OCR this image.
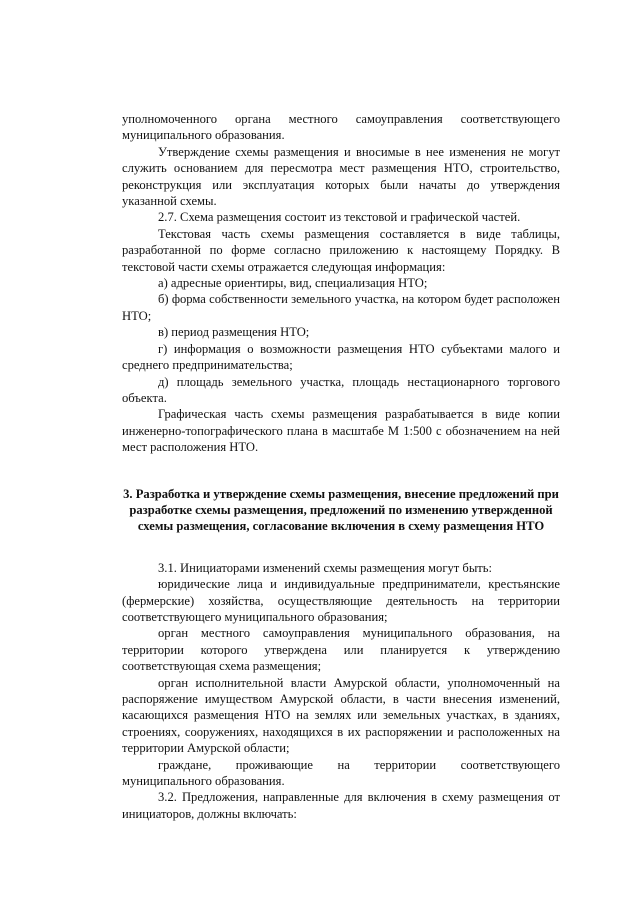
уполномоченного органа местного самоуправления соответствующего муниципального образования.

Утверждение схемы размещения и вносимые в нее изменения не могут служить основанием для пересмотра мест размещения НТО, строительство, реконструкция или эксплуатация которых были начаты до утверждения указанной схемы.

2.7. Схема размещения состоит из текстовой и графической частей.

Текстовая часть схемы размещения составляется в виде таблицы, разработанной по форме согласно приложению к настоящему Порядку. В текстовой части схемы отражается следующая информация:

а) адресные ориентиры, вид, специализация НТО;

б) форма собственности земельного участка, на котором будет расположен НТО;

в) период размещения НТО;

г) информация о возможности размещения НТО субъектами малого и среднего предпринимательства;

д) площадь земельного участка, площадь нестационарного торгового объекта.

Графическая часть схемы размещения разрабатывается в виде копии инженерно-топографического плана в масштабе М 1:500 с обозначением на ней мест расположения НТО.

3. Разработка и утверждение схемы размещения, внесение предложений при разработке схемы размещения, предложений по изменению утвержденной схемы размещения, согласование включения в схему размещения НТО

3.1. Инициаторами изменений схемы размещения могут быть:

юридические лица и индивидуальные предприниматели, крестьянские (фермерские) хозяйства, осуществляющие деятельность на территории соответствующего муниципального образования;

орган местного самоуправления муниципального образования, на территории которого утверждена или планируется к утверждению соответствующая схема размещения;

орган исполнительной власти Амурской области, уполномоченный на распоряжение имуществом Амурской области, в части внесения изменений, касающихся размещения НТО на землях или земельных участках, в зданиях, строениях, сооружениях, находящихся в их распоряжении и расположенных на территории Амурской области;

граждане, проживающие на территории соответствующего муниципального образования.

3.2. Предложения, направленные для включения в схему размещения от инициаторов, должны включать:
